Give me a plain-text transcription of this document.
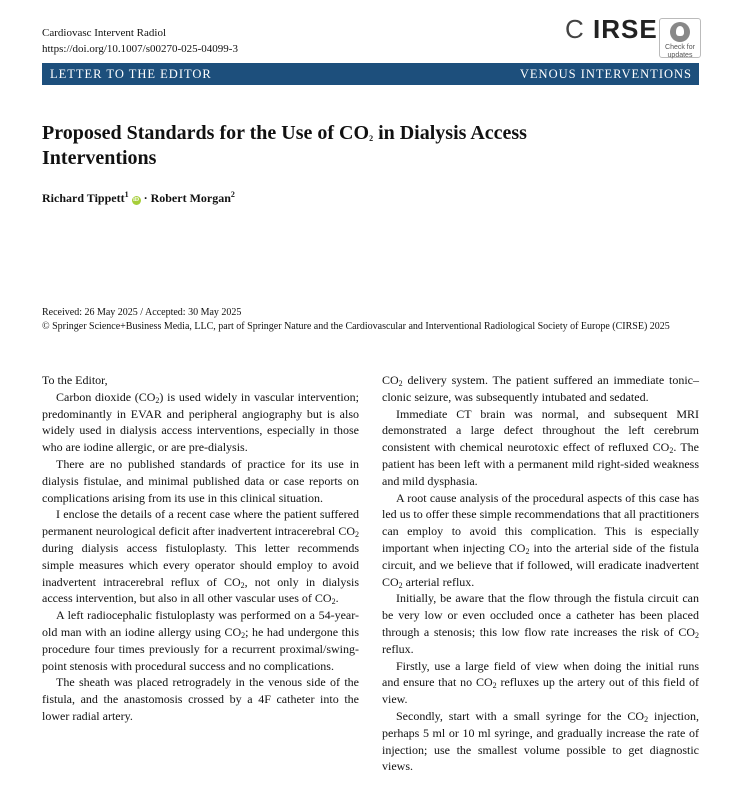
Cardiovasc Intervent Radiol
https://doi.org/10.1007/s00270-025-04099-3
C IRSE
Check for
updates
LETTER TO THE EDITOR	VENOUS INTERVENTIONS
Proposed Standards for the Use of $CO_2$ in Dialysis Access
Interventions
Richard Tippett$^1$ iD · Robert Morgan$^2$
Received: 26 May 2025 / Accepted: 30 May 2025
© Springer Science+Business Media, LLC, part of Springer Nature and the Cardiovascular and Interventional Radiological Society of Europe (CIRSE) 2025

To the Editor,

Carbon dioxide $(CO_2)$ is used widely in vascular intervention; predominantly in EVAR and peripheral angiography but is also widely used in dialysis access interventions, especially in those who are iodine allergic, or are pre-dialysis.

There are no published standards of practice for its use in dialysis fistulae, and minimal published data or case reports on complications arising from its use in this clinical situation.

I enclose the details of a recent case where the patient suffered permanent neurological deficit after inadvertent intracerebral $CO_2$ during dialysis access fistuloplasty. This letter recommends simple measures which every operator should employ to avoid inadvertent intracerebral reflux of $CO_2$, not only in dialysis access intervention, but also in all other vascular uses of $CO_2$.

A left radiocephalic fistuloplasty was performed on a 54-year-old man with an iodine allergy using $CO_2$; he had undergone this procedure four times previously for a recurrent proximal/swing-point stenosis with procedural success and no complications.

The sheath was placed retrogradely in the venous side of the fistula, and the anastomosis crossed by a 4F catheter into the lower radial artery.

$CO_2$ delivery system. The patient suffered an immediate tonic–clonic seizure, was subsequently intubated and sedated.

Immediate CT brain was normal, and subsequent MRI demonstrated a large defect throughout the left cerebrum consistent with chemical neurotoxic effect of refluxed $CO_2$. The patient has been left with a permanent mild right-sided weakness and mild dysphasia.

A root cause analysis of the procedural aspects of this case has led us to offer these simple recommendations that all practitioners can employ to avoid this complication. This is especially important when injecting $CO_2$ into the arterial side of the fistula circuit, and we believe that if followed, will eradicate inadvertent $CO_2$ arterial reflux.

Initially, be aware that the flow through the fistula circuit can be very low or even occluded once a catheter has been placed through a stenosis; this low flow rate increases the risk of $CO_2$ reflux.

Firstly, use a large field of view when doing the initial runs and ensure that no $CO_2$ refluxes up the artery out of this field of view.

Secondly, start with a small syringe for the $CO_2$ injection, perhaps 5 ml or 10 ml syringe, and gradually increase the rate of injection; use the smallest volume possible to get diagnostic views.
